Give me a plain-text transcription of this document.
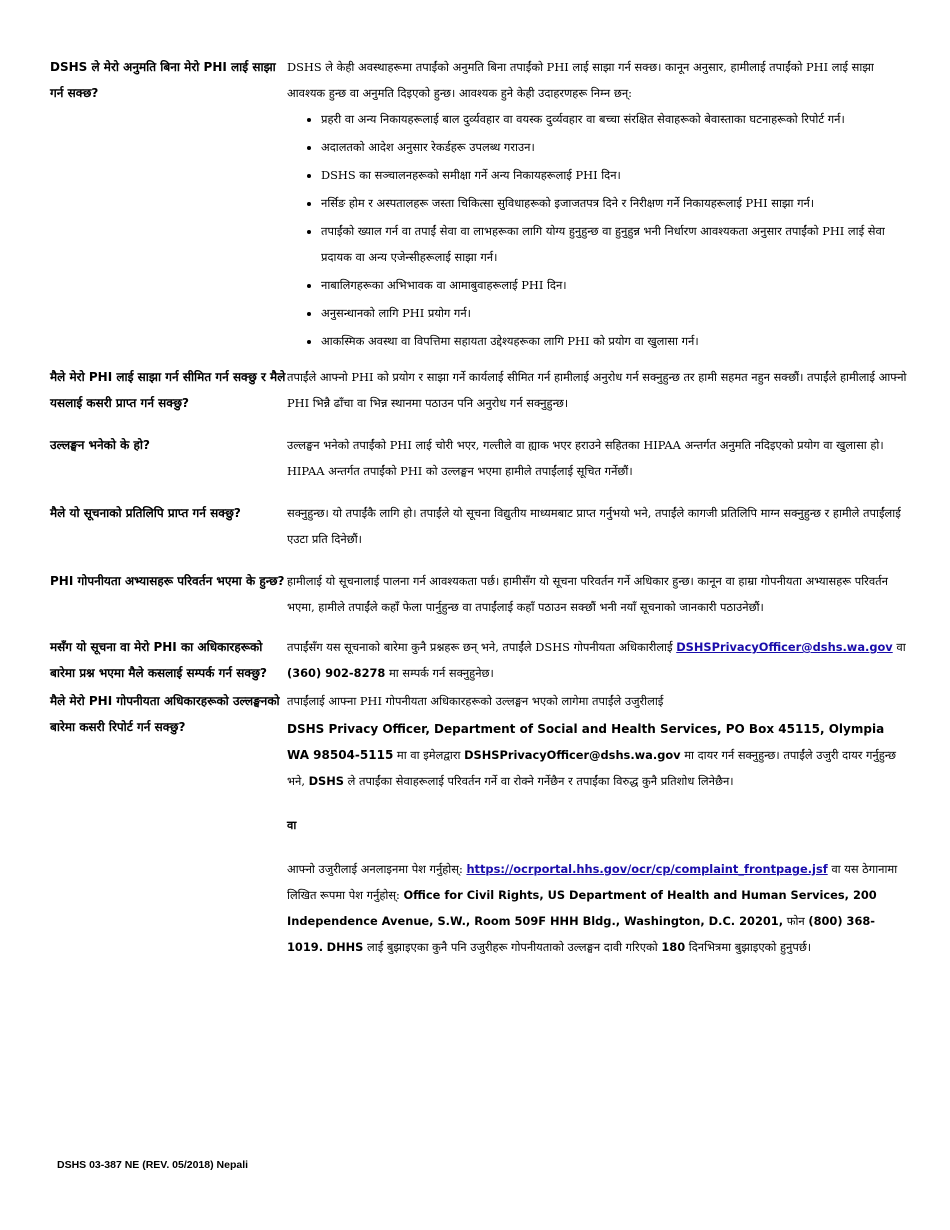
DSHS ले मेरो अनुमति बिना मेरो PHI लाई साझा गर्न सक्छ?

DSHS ले केही अवस्थाहरूमा तपाईंको अनुमति बिना तपाईंको PHI लाई साझा गर्न सक्छ। कानून अनुसार, हामीलाई तपाईंको PHI लाई साझा आवश्यक हुन्छ वा अनुमति दिइएको हुन्छ। आवश्यक हुने केही उदाहरणहरू निम्न छन्:

• प्रहरी वा अन्य निकायहरूलाई बाल दुर्व्यवहार वा वयस्क दुर्व्यवहार वा बच्चा संरक्षित सेवाहरूको बेवास्ताका घटनाहरूको रिपोर्ट गर्न।
• अदालतको आदेश अनुसार रेकर्डहरू उपलब्ध गराउन।
• DSHS का सञ्चालनहरूको समीक्षा गर्ने अन्य निकायहरूलाई PHI दिन।
• नर्सिङ होम र अस्पतालहरू जस्ता चिकित्सा सुविधाहरूको इजाजतपत्र दिने र निरीक्षण गर्ने निकायहरूलाई PHI साझा गर्न।
• तपाईंको ख्याल गर्न वा तपाईं सेवा वा लाभहरूका लागि योग्य हुनुहुन्छ वा हुनुहुन्न भनी निर्धारण आवश्यकता अनुसार तपाईंको PHI लाई सेवा प्रदायक वा अन्य एजेन्सीहरूलाई साझा गर्न।
• नाबालिगहरूका अभिभावक वा आमाबुवाहरूलाई PHI दिन।
• अनुसन्धानको लागि PHI प्रयोग गर्न।
• आकस्मिक अवस्था वा विपत्तिमा सहायता उद्देश्यहरूका लागि PHI को प्रयोग वा खुलासा गर्न।
मैले मेरो PHI लाई साझा गर्न सीमित गर्न सक्छु र मैले यसलाई कसरी प्राप्त गर्न सक्छु?
तपाईंले आफ्नो PHI को प्रयोग र साझा गर्ने कार्यलाई सीमित गर्न हामीलाई अनुरोध गर्न सक्नुहुन्छ तर हामी सहमत नहुन सक्छौं। तपाईंले हामीलाई आफ्नो PHI भिन्नै ढाँचा वा भिन्न स्थानमा पठाउन पनि अनुरोध गर्न सक्नुहुन्छ।
उल्लङ्घन भनेको के हो?	उल्लङ्घन भनेको तपाईंको PHI लाई चोरी भएर, गल्तीले वा ह्याक भएर हराउने सहितका HIPAA अन्तर्गत अनुमति नदिइएको प्रयोग वा खुलासा हो। HIPAA अन्तर्गत तपाईंको PHI को उल्लङ्घन भएमा हामीले तपाईंलाई सूचित गर्नेछौं।
मैले यो सूचनाको प्रतिलिपि प्राप्त गर्न सक्छु?	सक्नुहुन्छ। यो तपाईंकै लागि हो। तपाईंले यो सूचना विद्युतीय माध्यमबाट प्राप्त गर्नुभयो भने, तपाईंले कागजी प्रतिलिपि माग्न सक्नुहुन्छ र हामीले तपाईंलाई एउटा प्रति दिनेछौं।
PHI गोपनीयता अभ्यासहरू परिवर्तन भएमा के हुन्छ? हामीलाई यो सूचनालाई पालना गर्न आवश्यकता पर्छ। हामीसँग यो सूचना परिवर्तन गर्ने अधिकार हुन्छ। कानून वा हाम्रा गोपनीयता अभ्यासहरू परिवर्तन भएमा, हामीले तपाईंले कहाँ फेला पार्नुहुन्छ वा तपाईंलाई कहाँ पठाउन सक्छौं भनी नयाँ सूचनाको जानकारी पठाउनेछौं।
मसँग यो सूचना वा मेरो PHI का अधिकारहरूको बारेमा प्रश्न भएमा मैले कसलाई सम्पर्क गर्न सक्छु?
तपाईंसँग यस सूचनाको बारेमा कुनै प्रश्नहरू छन् भने, तपाईंले DSHS गोपनीयता अधिकारीलाई DSHSPrivacyOfficer@dshs.wa.gov वा (360) 902-8278 मा सम्पर्क गर्न सक्नुहुनेछ।
मैले मेरो PHI गोपनीयता अधिकारहरूको उल्लङ्घनको बारेमा कसरी रिपोर्ट गर्न सक्छु?

तपाईंलाई आफ्ना PHI गोपनीयता अधिकारहरूको उल्लङ्घन भएको लागेमा तपाईंले उजुरीलाई

DSHS Privacy Officer, Department of Social and Health Services, PO Box 45115, Olympia WA 98504-5115 मा वा इमेलद्वारा DSHSPrivacyOfficer@dshs.wa.gov मा दायर गर्न सक्नुहुन्छ। तपाईंले उजुरी दायर गर्नुहुन्छ भने, DSHS ले तपाईंका सेवाहरूलाई परिवर्तन गर्ने वा रोक्ने गर्नेछैन र तपाईंका विरुद्ध कुनै प्रतिशोध लिनेछैन।

वा

आफ्नो उजुरीलाई अनलाइनमा पेश गर्नुहोस्: https://ocrportal.hhs.gov/ocr/cp/complaint_frontpage.jsf वा यस ठेगानामा लिखित रूपमा पेश गर्नुहोस्: Office for Civil Rights, US Department of Health and Human Services, 200 Independence Avenue, S.W., Room 509F HHH Bldg., Washington, D.C. 20201, फोन (800) 368-1019. DHHS लाई बुझाइएका कुनै पनि उजुरीहरू गोपनीयताको उल्लङ्घन दावी गरिएको 180 दिनभित्रमा बुझाइएको हुनुपर्छ।

DSHS 03-387 NE (REV. 05/2018) Nepali
